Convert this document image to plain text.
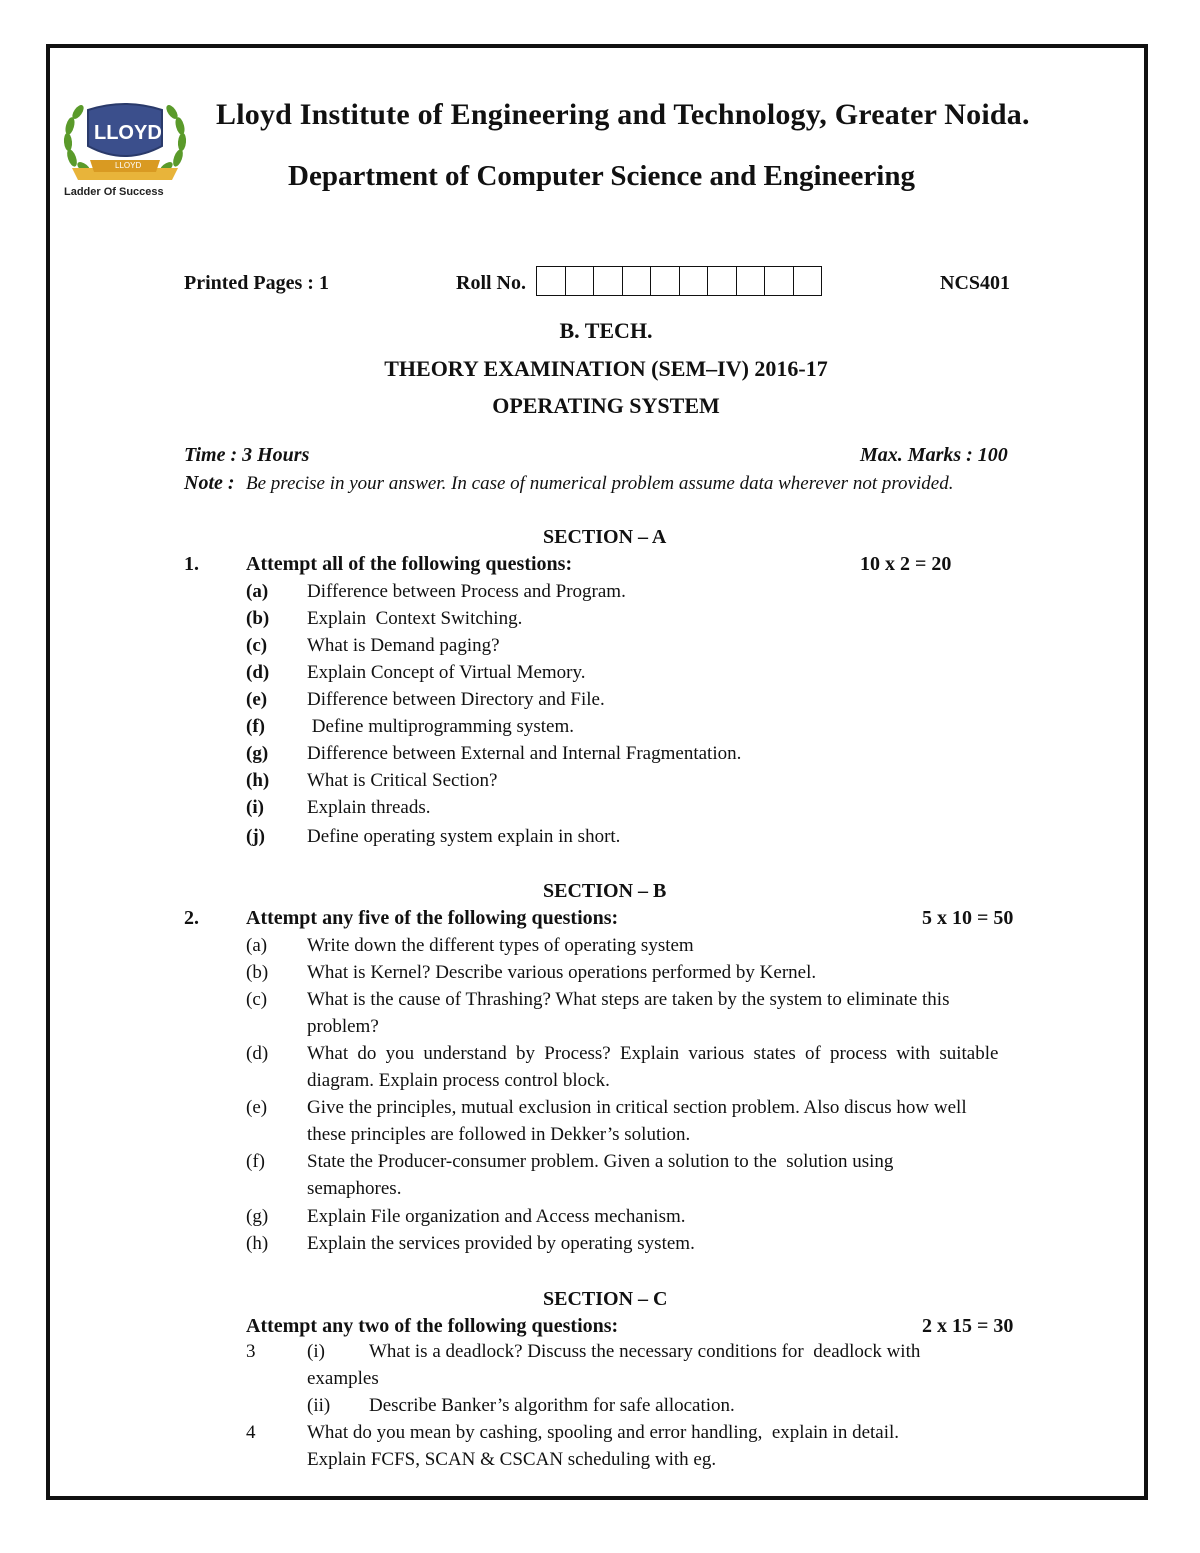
LLOYD
LLOYD
Ladder Of Success
Lloyd Institute of Engineering and Technology, Greater Noida.
Department of Computer Science and Engineering
Printed Pages : 1	Roll No.	NCS401
B. TECH.
THEORY EXAMINATION (SEM–IV) 2016-17
OPERATING SYSTEM
Time : 3 Hours	Max. Marks : 100
Note : Be precise in your answer. In case of numerical problem assume data wherever not provided.
SECTION – A
1. Attempt all of the following questions:	10 x 2 = 20
(a) Difference between Process and Program.
(b) Explain  Context Switching.
(c) What is Demand paging?
(d) Explain Concept of Virtual Memory.
(e) Difference between Directory and File.
(f) Define multiprogramming system.
(g) Difference between External and Internal Fragmentation.
(h) What is Critical Section?
(i) Explain threads.
(j) Define operating system explain in short.
SECTION – B
2. Attempt any five of the following questions:	5 x 10 = 50
(a) Write down the different types of operating system
(b) What is Kernel? Describe various operations performed by Kernel.
(c) What is the cause of Thrashing? What steps are taken by the system to eliminate this
problem?
(d) What do you understand by Process? Explain various states of process with suitable
diagram. Explain process control block.
(e) Give the principles, mutual exclusion in critical section problem. Also discus how well
these principles are followed in Dekker’s solution.
(f) State the Producer-consumer problem. Given a solution to the  solution using
semaphores.
(g) Explain File organization and Access mechanism.
(h) Explain the services provided by operating system.
SECTION – C
Attempt any two of the following questions:	2 x 15 = 30
3	(i) What is a deadlock? Discuss the necessary conditions for  deadlock with
examples
(ii) Describe Banker’s algorithm for safe allocation.
4	What do you mean by cashing, spooling and error handling,  explain in detail.
Explain FCFS, SCAN & CSCAN scheduling with eg.
